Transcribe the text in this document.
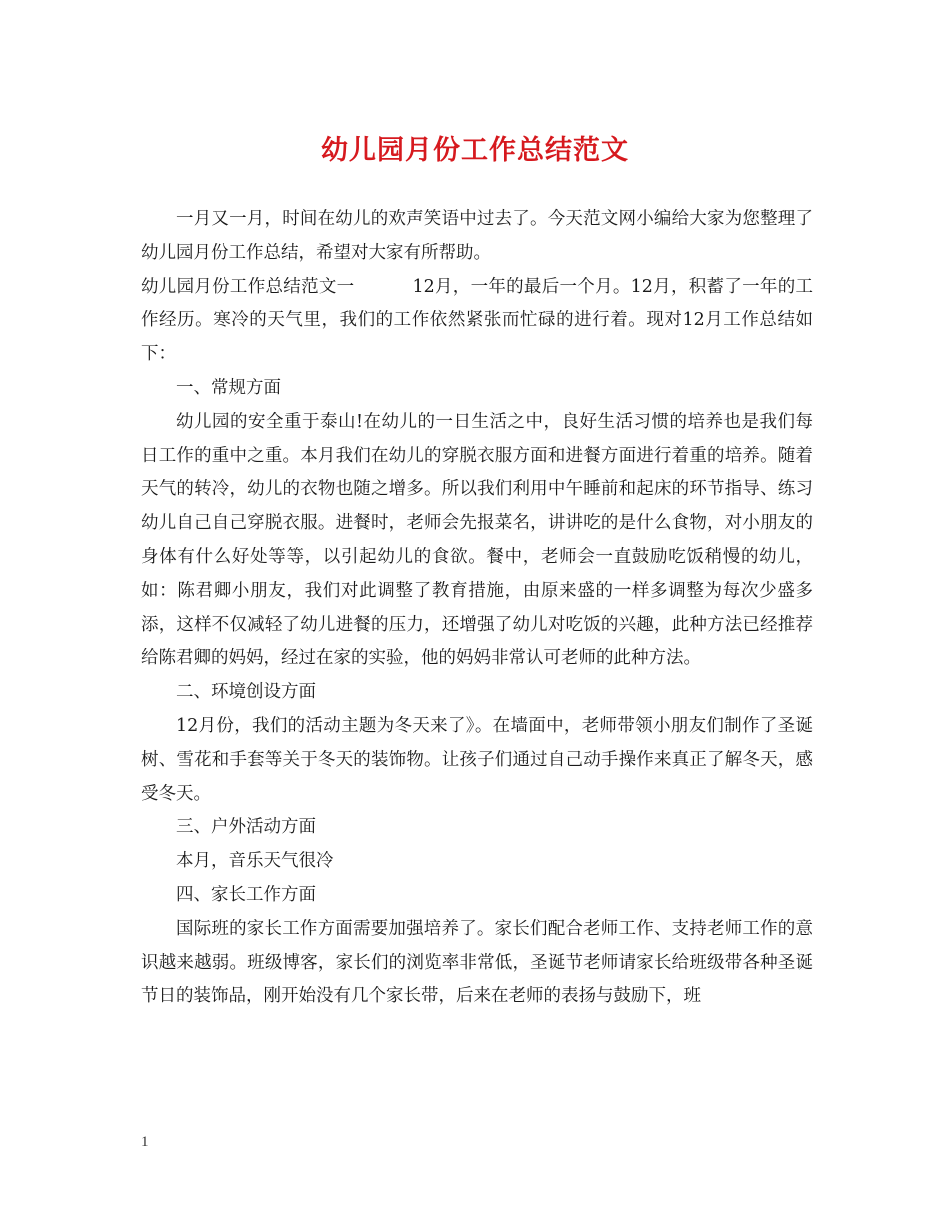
幼儿园月份工作总结范文

一月又一月，时间在幼儿的欢声笑语中过去了。今天范文网小编给大家为您整理了幼儿园月份工作总结，希望对大家有所帮助。

幼儿园月份工作总结范文一	12月，一年的最后一个月。12月，积蓄了一年的工作经历。寒冷的天气里，我们的工作依然紧张而忙碌的进行着。现对12月工作总结如下：

一、常规方面

幼儿园的安全重于泰山!在幼儿的一日生活之中，良好生活习惯的培养也是我们每日工作的重中之重。本月我们在幼儿的穿脱衣服方面和进餐方面进行着重的培养。随着天气的转冷，幼儿的衣物也随之增多。所以我们利用中午睡前和起床的环节指导、练习幼儿自己自己穿脱衣服。进餐时，老师会先报菜名，讲讲吃的是什么食物，对小朋友的身体有什么好处等等，以引起幼儿的食欲。餐中，老师会一直鼓励吃饭稍慢的幼儿，如：陈君卿小朋友，我们对此调整了教育措施，由原来盛的一样多调整为每次少盛多添，这样不仅减轻了幼儿进餐的压力，还增强了幼儿对吃饭的兴趣，此种方法已经推荐给陈君卿的妈妈，经过在家的实验，他的妈妈非常认可老师的此种方法。

二、环境创设方面

12月份，我们的活动主题为冬天来了》。在墙面中，老师带领小朋友们制作了圣诞树、雪花和手套等关于冬天的装饰物。让孩子们通过自己动手操作来真正了解冬天，感受冬天。

三、户外活动方面

本月，音乐天气很冷

四、家长工作方面

国际班的家长工作方面需要加强培养了。家长们配合老师工作、支持老师工作的意识越来越弱。班级博客，家长们的浏览率非常低，圣诞节老师请家长给班级带各种圣诞节日的装饰品，刚开始没有几个家长带，后来在老师的表扬与鼓励下，班

1
